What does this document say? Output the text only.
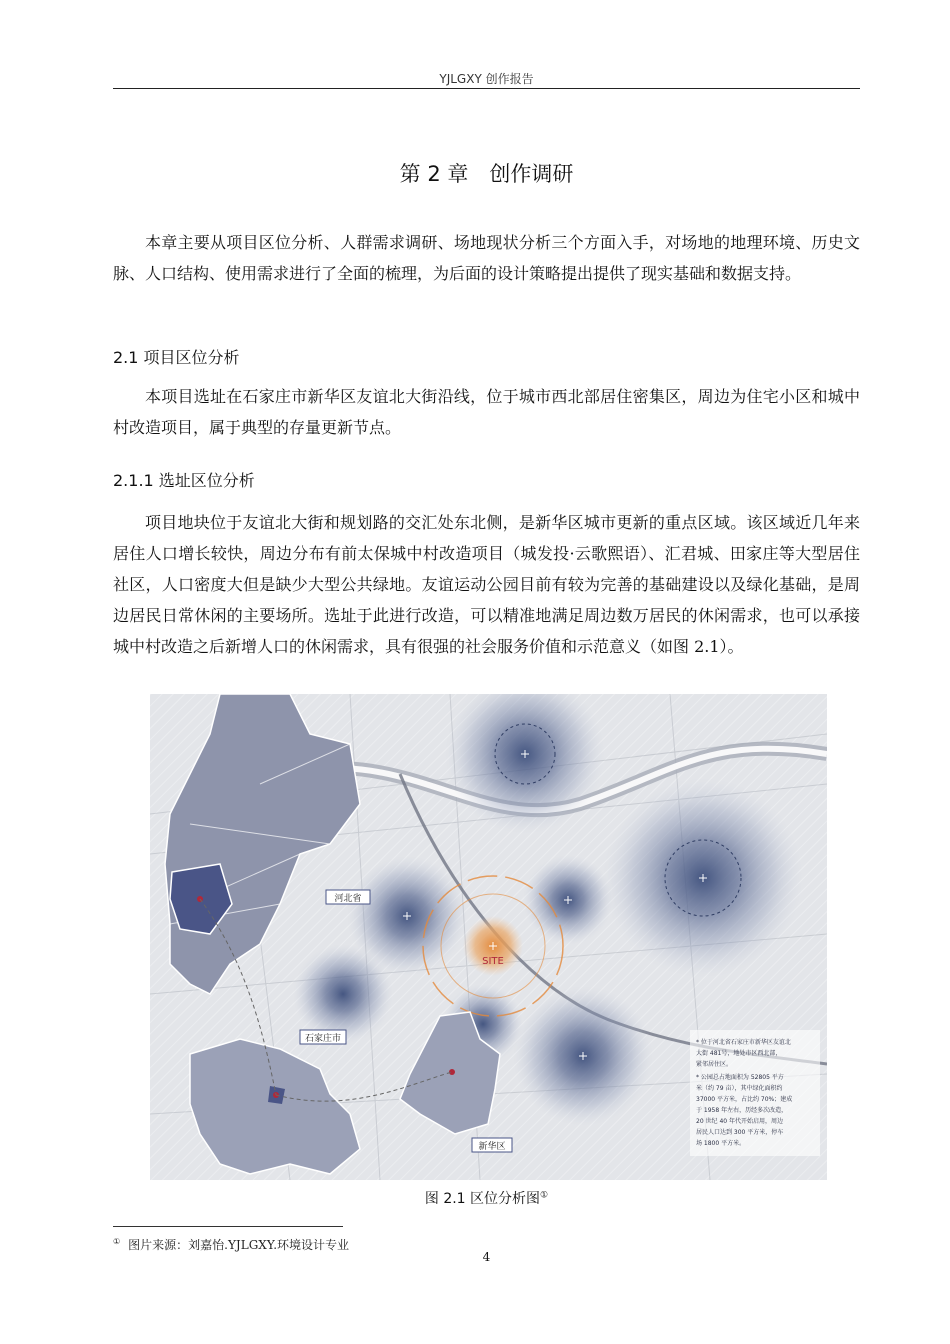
YJLGXY 创作报告
第 2 章　创作调研

本章主要从项目区位分析、人群需求调研、场地现状分析三个方面入手，对场地的地理环境、历史文脉、人口结构、使用需求进行了全面的梳理，为后面的设计策略提出提供了现实基础和数据支持。

2.1 项目区位分析

本项目选址在石家庄市新华区友谊北大街沿线，位于城市西北部居住密集区，周边为住宅小区和城中村改造项目，属于典型的存量更新节点。

2.1.1 选址区位分析

项目地块位于友谊北大街和规划路的交汇处东北侧，是新华区城市更新的重点区域。该区域近几年来居住人口增长较快，周边分布有前太保城中村改造项目（城发投·云歌熙语）、汇君城、田家庄等大型居住社区，人口密度大但是缺少大型公共绿地。友谊运动公园目前有较为完善的基础建设以及绿化基础，是周边居民日常休闲的主要场所。选址于此进行改造，可以精准地满足周边数万居民的休闲需求，也可以承接城中村改造之后新增人口的休闲需求，具有很强的社会服务价值和示范意义（如图 2.1）。

SITE
河北省
石家庄市
新华区
* 位于河北省石家庄市新华区友谊北
大街 481号，地处市区西北部，
紧邻居住区。
* 公园总占地面积为 52805 平方
米（约 79 亩），其中绿化面积约
37000 平方米，占比约 70%；建成
于 1958 年左右，历经多次改造，
20 世纪 40 年代开始启用，周边
居民人口达到 300 平方米，停车
场 1800 平方米。
图 2.1 区位分析图①
① 图片来源：刘嘉怡.YJLGXY.环境设计专业
4
